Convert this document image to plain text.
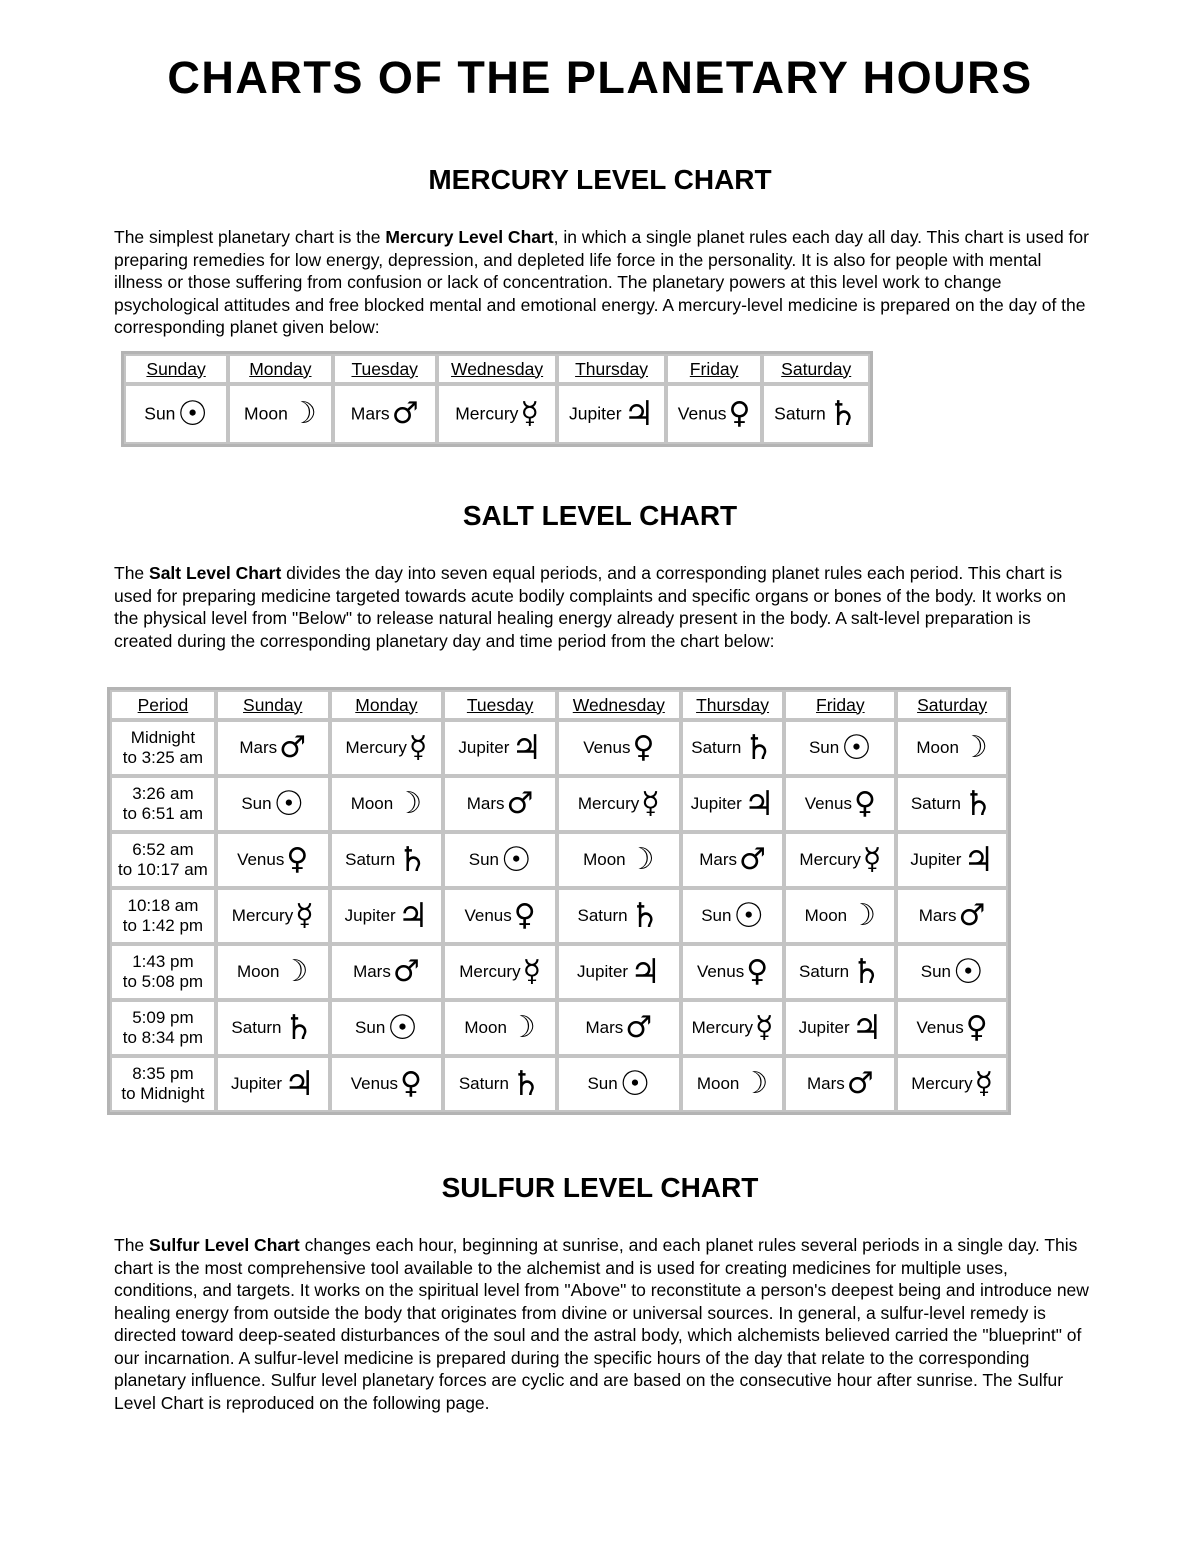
CHARTS OF THE PLANETARY HOURS
MERCURY LEVEL CHART

The simplest planetary chart is the Mercury Level Chart, in which a single planet rules each day all day. This chart is used for preparing remedies for low energy, depression, and depleted life force in the personality. It is also for people with mental illness or those suffering from confusion or lack of concentration. The planetary powers at this level work to change psychological attitudes and free blocked mental and emotional energy. A mercury-level medicine is prepared on the day of the corresponding planet given below:

Sunday	Monday	Tuesday	Wednesday	Thursday	Friday	Saturday
Sun☉	Moon☽	Mars♂	Mercury☿	Jupiter♃	Venus♀	Saturn♄
SALT LEVEL CHART

The Salt Level Chart divides the day into seven equal periods, and a corresponding planet rules each period. This chart is used for preparing medicine targeted towards acute bodily complaints and specific organs or bones of the body. It works on the physical level from "Below" to release natural healing energy already present in the body. A salt-level preparation is created during the corresponding planetary day and time period from the chart below:

Period	Sunday	Monday	Tuesday	Wednesday	Thursday	Friday	Saturday

Midnight
to 3:25 am	Mars♂	Mercury☿	Jupiter♃	Venus♀	Saturn♄	Sun☉	Moon☽

3:26 am
to 6:51 am	Sun☉	Moon☽	Mars♂	Mercury☿	Jupiter♃	Venus♀	Saturn♄

6:52 am
to 10:17 am	Venus♀	Saturn♄	Sun☉	Moon☽	Mars♂	Mercury☿	Jupiter♃

10:18 am
to 1:42 pm	Mercury☿	Jupiter♃	Venus♀	Saturn♄	Sun☉	Moon☽	Mars♂

1:43 pm
to 5:08 pm	Moon☽	Mars♂	Mercury☿	Jupiter♃	Venus♀	Saturn♄	Sun☉

5:09 pm
to 8:34 pm	Saturn♄	Sun☉	Moon☽	Mars♂	Mercury☿	Jupiter♃	Venus♀

8:35 pm
to Midnight	Jupiter♃	Venus♀	Saturn♄	Sun☉	Moon☽	Mars♂	Mercury☿
SULFUR LEVEL CHART

The Sulfur Level Chart changes each hour, beginning at sunrise, and each planet rules several periods in a single day. This chart is the most comprehensive tool available to the alchemist and is used for creating medicines for multiple uses, conditions, and targets. It works on the spiritual level from "Above" to reconstitute a person's deepest being and introduce new healing energy from outside the body that originates from divine or universal sources. In general, a sulfur-level remedy is directed toward deep-seated disturbances of the soul and the astral body, which alchemists believed carried the "blueprint" of our incarnation. A sulfur-level medicine is prepared during the specific hours of the day that relate to the corresponding planetary influence. Sulfur level planetary forces are cyclic and are based on the consecutive hour after sunrise. The Sulfur Level Chart is reproduced on the following page.
